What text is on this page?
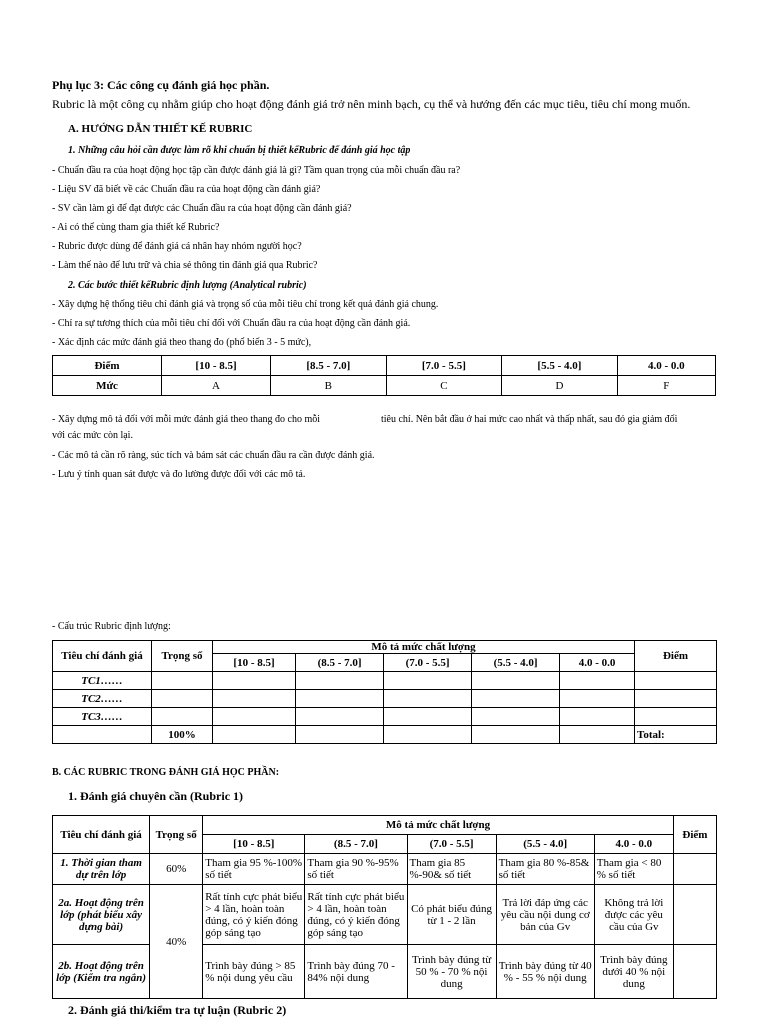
Phụ lục 3: Các công cụ đánh giá học phần.
Rubric là một công cụ nhằm giúp cho hoạt động đánh giá trở nên minh bạch, cụ thể và hướng đến các mục tiêu, tiêu chí mong muốn.
A. HƯỚNG DẪN THIẾT KẾ RUBRIC
1. Những câu hỏi cần được làm rõ khi chuẩn bị thiết kếRubric để đánh giá học tập
- Chuẩn đầu ra của hoạt động học tập cần được đánh giá là gì? Tầm quan trọng của mỗi chuẩn đầu ra?
- Liệu SV đã biết về các Chuẩn đầu ra của hoạt động cần đánh giá?
- SV cần làm gì để đạt được các Chuẩn đầu ra của hoạt động cần đánh giá?
- Ai có thể cùng tham gia thiết kế Rubric?
- Rubric được dùng để đánh giá cá nhân hay nhóm người học?
- Làm thế nào để lưu trữ và chia sẻ thông tin đánh giá qua Rubric?
2. Các bước thiết kếRubric định lượng (Analytical rubric)
- Xây dựng hệ thống tiêu chí đánh giá và trọng số của mỗi tiêu chí trong kết quả đánh giá chung.
- Chỉ ra sự tương thích của mỗi tiêu chí đối với Chuẩn đầu ra của hoạt động cần đánh giá.
- Xác định các mức đánh giá theo thang đo (phổ biến 3 - 5 mức),
Điểm	[10 - 8.5]	[8.5 - 7.0]	[7.0 - 5.5]	[5.5 - 4.0]	4.0 - 0.0
Mức	A	B	C	D	F
- Xây dựng mô tả đối với mỗi mức đánh giá theo thang đo cho mỗi	tiêu chí. Nên bắt đầu ở hai mức cao nhất và thấp nhất, sau đó gia giảm đối
với các mức còn lại.
- Các mô tả cần rõ ràng, súc tích và bám sát các chuẩn đầu ra cần được đánh giá.
- Lưu ý tính quan sát được và đo lường được đối với các mô tả.
- Cấu trúc Rubric định lượng:
Tiêu chí đánh giá	Trọng số	Mô tả mức chất lượng					Điểm
		[10 - 8.5]	(8.5 - 7.0]	(7.0 - 5.5]	(5.5 - 4.0]	4.0 - 0.0	
TC1……							
TC2……							
TC3……							
	100%						Total:
B. CÁC RUBRIC TRONG ĐÁNH GIÁ HỌC PHẦN:
1. Đánh giá chuyên cần (Rubric 1)
Tiêu chí đánh giá	Trọng số	Mô tả mức chất lượng					Điểm
		[10 - 8.5]	(8.5 - 7.0]	(7.0 - 5.5]	(5.5 - 4.0]	4.0 - 0.0	
1. Thời gian tham dự trên lớp	60%	Tham gia 95 %-100% số tiết	Tham gia 90 %-95% số tiết	Tham gia 85 %-90& số tiết	Tham gia 80 %-85& số tiết	Tham gia < 80 % số tiết	
2a. Hoạt động trên lớp (phát biểu xây dựng bài)	40%	Rất tính cực phát biểu > 4 lần, hoàn toàn đúng, có ý kiến đóng góp sáng tạo	Rất tính cực phát biểu > 4 lần, hoàn toàn đúng, có ý kiến đóng góp sáng tạo	Có phát biểu đúng từ 1 - 2 lần	Trả lời đáp ứng các yêu cầu nội dung cơ bản của Gv	Không trả lời được các yêu cầu của Gv	
2b. Hoạt động trên lớp (Kiểm tra ngắn)		Trình bày đúng > 85 % nội dung yêu cầu	Trình bày đúng 70 - 84% nội dung	Trình bày đúng từ 50 % - 70 % nội dung	Trình bày đúng từ 40 % - 55 % nội dung	Trình bày đúng dưới 40 % nội dung	
2. Đánh giá thi/kiểm tra tự luận (Rubric 2)
